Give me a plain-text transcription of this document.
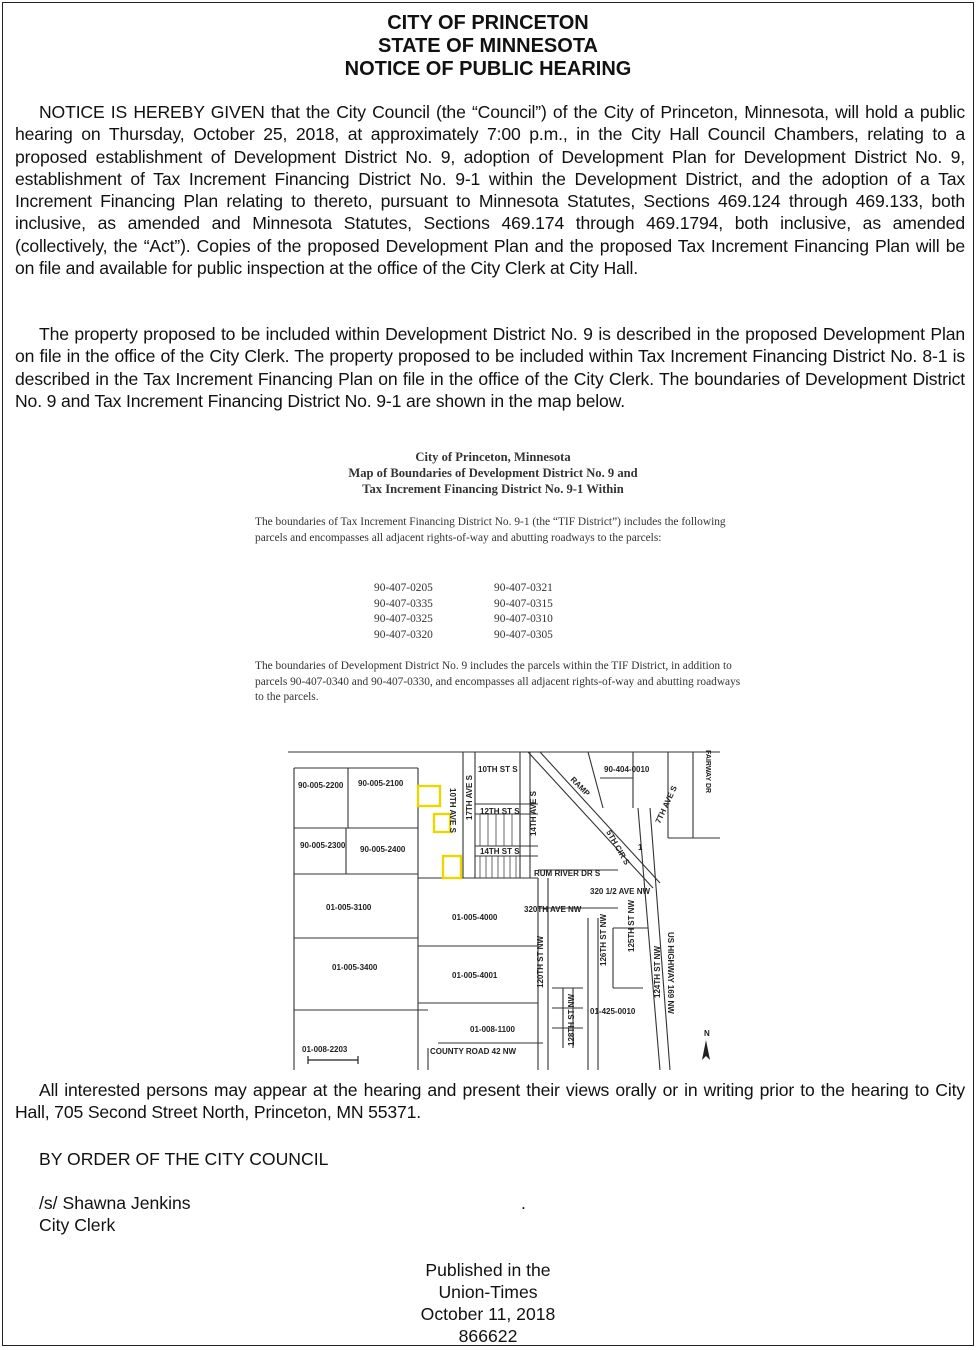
CITY OF PRINCETON
STATE OF MINNESOTA
NOTICE OF PUBLIC HEARING

NOTICE IS HEREBY GIVEN that the City Council (the “Council”) of the City of Princeton, Minnesota, will hold a public hearing on Thursday, October 25, 2018, at approximately 7:00 p.m., in the City Hall Council Chambers, relating to a proposed establishment of Development District No. 9, adoption of Development Plan for Development District No. 9, establishment of Tax Increment Financing District No. 9-1 within the Development District, and the adoption of a Tax Increment Financing Plan relating to thereto, pursuant to Minnesota Statutes, Sections 469.124 through 469.133, both inclusive, as amended and Minnesota Statutes, Sections 469.174 through 469.1794, both inclusive, as amended (collectively, the “Act”). Copies of the proposed Development Plan and the proposed Tax Increment Financing Plan will be on file and available for public inspection at the office of the City Clerk at City Hall.

The property proposed to be included within Development District No. 9 is described in the proposed Development Plan on file in the office of the City Clerk. The property proposed to be included within Tax Increment Financing District No. 8-1 is described in the Tax Increment Financing Plan on file in the office of the City Clerk. The boundaries of Development District No. 9 and Tax Increment Financing District No. 9-1 are shown in the map below.

City of Princeton, Minnesota
Map of Boundaries of Development District No. 9 and
Tax Increment Financing District No. 9-1 Within
The boundaries of Tax Increment Financing District No. 9-1 (the “TIF District”) includes the following parcels and encompasses all adjacent rights-of-way and abutting roadways to the parcels:
90-407-0205	90-407-0321
90-407-0335	90-407-0315
90-407-0325	90-407-0310
90-407-0320	90-407-0305
The boundaries of Development District No. 9 includes the parcels within the TIF District, in addition to parcels 90-407-0340 and 90-407-0330, and encompasses all adjacent rights-of-way and abutting roadways to the parcels.
N
90-005-2200 90-005-2100
90-005-2300 90-005-2400
01-005-3100
01-005-4000
01-005-3400
01-005-4001
01-008-1100
01-008-2203
90-404-0010
01-425-0010
10TH ST S
12TH ST S
14TH ST S
RUM RIVER DR S
320 1/2 AVE NW
320TH AVE NW
COUNTY ROAD 42 NW
10TH AVE S 17TH AVE S	14TH AVE S
RAMP	7TH AVE S
126TH ST NW 125TH ST NW
124TH ST NW US HIGHWAY 169 NW
128TH ST NW
120TH ST NW
FAIRWAY DR
5TH CIR S 1

All interested persons may appear at the hearing and present their views orally or in writing prior to the hearing to City Hall, 705 Second Street North, Princeton, MN 55371.

BY ORDER OF THE CITY COUNCIL
/s/ Shawna Jenkins	.
City Clerk
Published in the
Union-Times
October 11, 2018
866622
